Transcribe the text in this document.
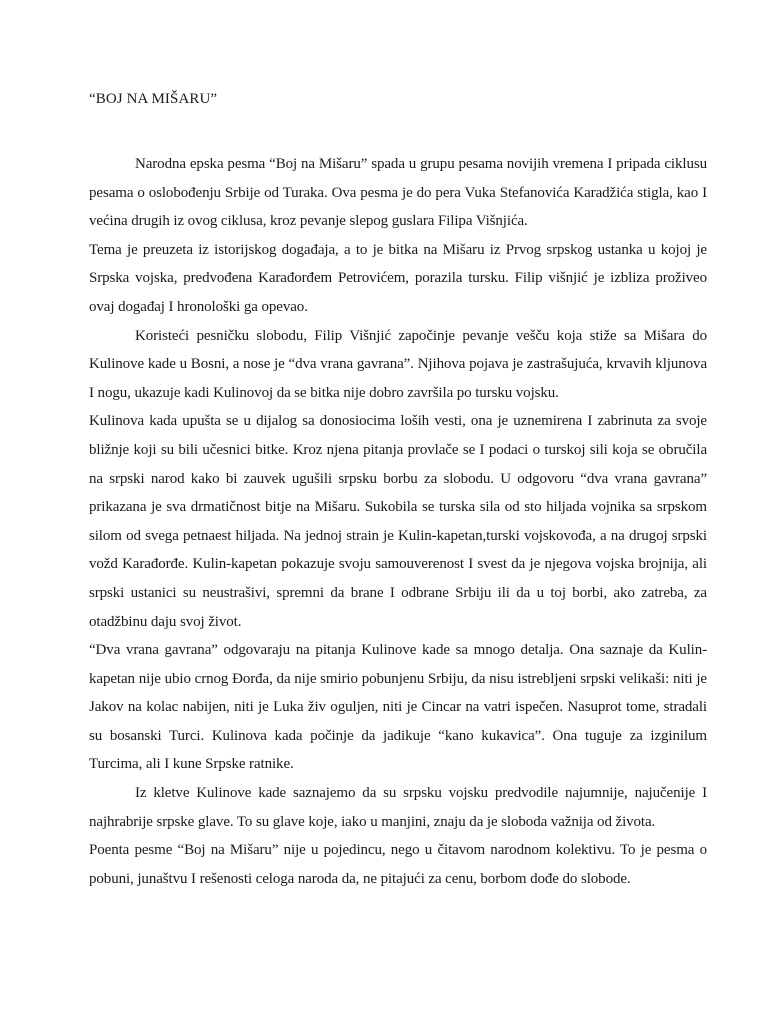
“BOJ NA MIŠARU”

Narodna epska pesma “Boj na Mišaru” spada u grupu pesama novijih vremena I pripada ciklusu pesama o oslobođenju Srbije od Turaka. Ova pesma je do pera Vuka Stefanovića Karadžića stigla, kao I većina drugih iz ovog ciklusa, kroz pevanje slepog guslara Filipa Višnjića.

Tema je preuzeta iz istorijskog događaja, a to je bitka na Mišaru iz Prvog srpskog ustanka u kojoj je Srpska vojska, predvođena Karađorđem Petrovićem, porazila tursku. Filip višnjić je izbliza proživeo ovaj događaj I hronološki ga opevao.

Koristeći pesničku slobodu, Filip Višnjić započinje pevanje vešču koja stiže sa Mišara do Kulinove kade u Bosni, a nose je “dva vrana gavrana”. Njihova pojava je zastrašujuća, krvavih kljunova I nogu, ukazuje kadi Kulinovoj da se bitka nije dobro završila po tursku vojsku.

Kulinova kada upušta se u dijalog sa donosiocima loših vesti, ona je uznemirena I zabrinuta za svoje bližnje koji su bili učesnici bitke. Kroz njena pitanja provlače se I podaci o turskoj sili koja se obručila na srpski narod kako bi zauvek ugušili srpsku borbu za slobodu. U odgovoru “dva vrana gavrana” prikazana je sva drmatičnost bitje na Mišaru. Sukobila se turska sila od sto hiljada vojnika sa srpskom silom od svega petnaest hiljada. Na jednoj strain je Kulin-kapetan,turski vojskovođa, a na drugoj srpski vožd Karađorđe. Kulin-kapetan pokazuje svoju samouverenost I svest da je njegova vojska brojnija, ali srpski ustanici su neustrašivi, spremni da brane I odbrane Srbiju ili da u toj borbi, ako zatreba, za otadžbinu daju svoj život.

“Dva vrana gavrana” odgovaraju na pitanja Kulinove kade sa mnogo detalja. Ona saznaje da Kulin-kapetan nije ubio crnog Đorđa, da nije smirio pobunjenu Srbiju, da nisu istrebljeni srpski velikaši: niti je Jakov na kolac nabijen, niti je Luka živ oguljen, niti je Cincar na vatri ispečen. Nasuprot tome, stradali su bosanski Turci. Kulinova kada počinje da jadikuje “kano kukavica”. Ona tuguje za izginilum Turcima, ali I kune Srpske ratnike.

Iz kletve Kulinove kade saznajemo da su srpsku vojsku predvodile najumnije, najučenije I najhrabrije srpske glave. To su glave koje, iako u manjini, znaju da je sloboda važnija od života.

Poenta pesme “Boj na Mišaru” nije u pojedincu, nego u čitavom narodnom kolektivu. To je pesma o pobuni, junaštvu I rešenosti celoga naroda da, ne pitajući za cenu, borbom dođe do slobode.
